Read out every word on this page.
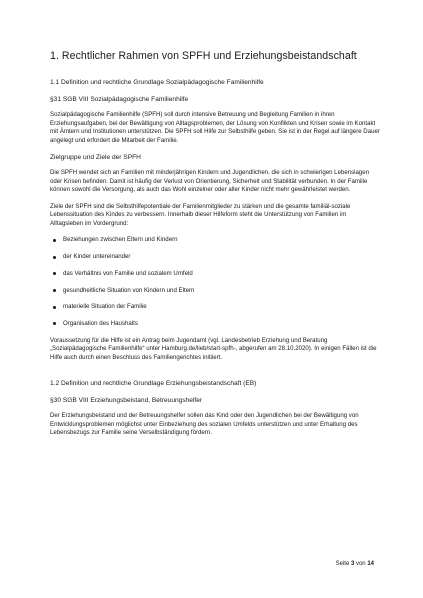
1. Rechtlicher Rahmen von SPFH und Erziehungsbeistandschaft
1.1 Definition und rechtliche Grundlage Sozialpädagogische Familienhilfe
§31 SGB VIII Sozialpädagogische Familienhilfe

Sozialpädagogische Familienhilfe (SPFH) soll durch intensive Betreuung und Begleitung Familien in ihren Erziehungsaufgaben, bei der Bewältigung von Alltagsproblemen, der Lösung von Konflikten und Krisen sowie im Kontakt mit Ämtern und Institutionen unterstützen. Die SPFH soll Hilfe zur Selbsthilfe geben. Sie ist in der Regel auf längere Dauer angelegt und erfordert die Mitarbeit der Familie.

Zielgruppe und Ziele der SPFH

Die SPFH wendet sich an Familien mit minderjährigen Kindern und Jugendlichen, die sich in schwierigen Lebenslagen oder Krisen befinden. Damit ist häufig der Verlust von Orientierung, Sicherheit und Stabilität verbunden. In der Familie können sowohl die Versorgung, als auch das Wohl einzelner oder aller Kinder nicht mehr gewährleistet werden.

Ziele der SPFH sind die Selbsthilfepotentiale der Familienmitglieder zu stärken und die gesamte familiäl-soziale Lebenssituation des Kindes zu verbessern. Innerhalb dieser Hilfeform steht die Unterstützung von Familien im Alltagsleben im Vordergrund:

Beziehungen zwischen Eltern und Kindern
der Kinder untereinander
das Verhältnis von Familie und sozialem Umfeld
gesundheitliche Situation von Kindern und Eltern
materielle Situation der Familie
Organisation des Haushalts

Voraussetzung für die Hilfe ist ein Antrag beim Jugendamt (vgl. Landesbetrieb Erziehung und Beratung „Sozialpädagogische Familienhilfe“ unter Hamburg.de/lieb/start-spfh-, abgerufen am 28.10.2020). In einigen Fällen ist die Hilfe auch durch einen Beschluss des Familiengerichtes initiiert.

1.2 Definition und rechtliche Grundlage Erziehungsbeistandschaft (EB)
§30 SGB VIII Erziehungsbeistand, Betreuungshelfer

Der Erziehungsbeistand und der Betreuungshelfer sollen das Kind oder den Jugendlichen bei der Bewältigung von Entwicklungsproblemen möglichst unter Einbeziehung des sozialen Umfelds unterstützen und unter Erhaltung des Lebensbezugs zur Familie seine Verselbständigung fördern.

Seite 3 von 14
